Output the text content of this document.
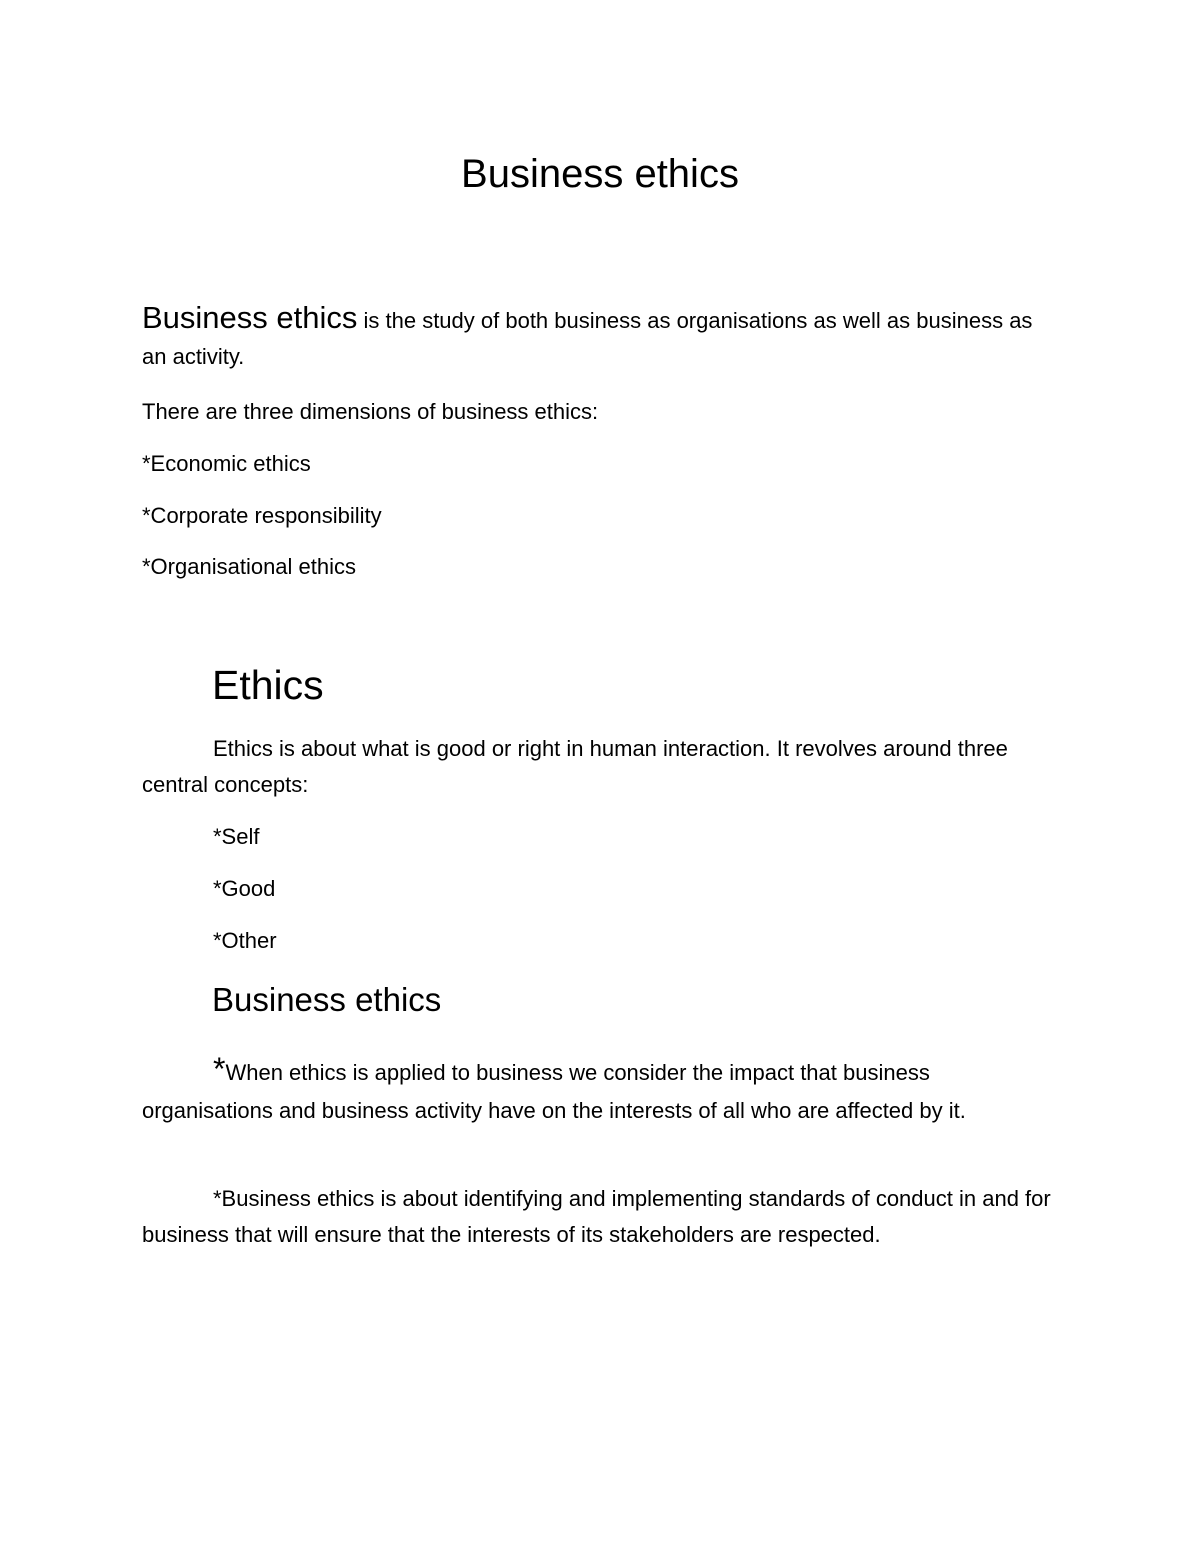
Business ethics
Business ethics is the study of both business as organisations as well as business as an activity.
There are three dimensions of business ethics:
*Economic ethics
*Corporate responsibility
*Organisational ethics
Ethics
Ethics is about what is good or right in human interaction. It revolves around three central concepts:
*Self
*Good
*Other
Business ethics
*When ethics is applied to business we consider the impact that business organisations and business activity have on the interests of all who are affected by it.
*Business ethics is about identifying and implementing standards of conduct in and for business that will ensure that the interests of its stakeholders are respected.
